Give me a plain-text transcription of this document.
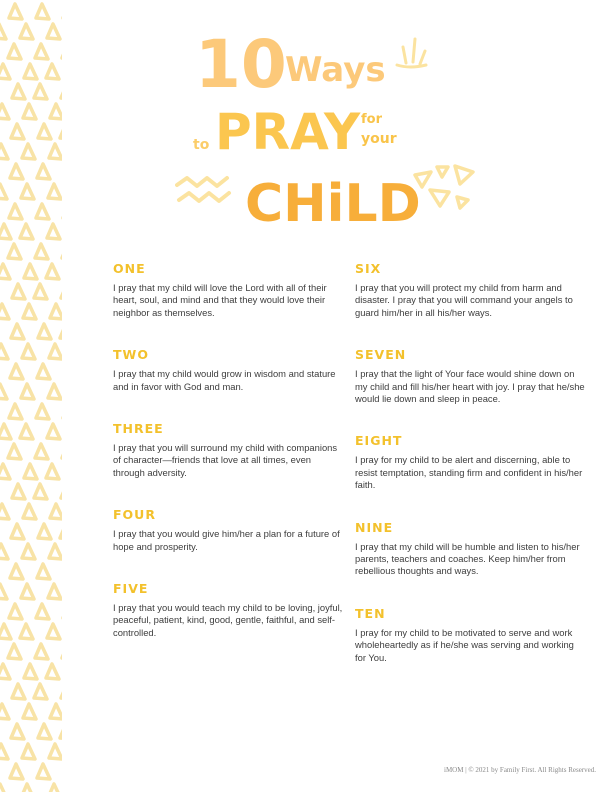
10
Ways
to PRAY for
your
CHiLD
ONE

I pray that my child will love the Lord with all of their heart, soul, and mind and that they would love their neighbor as themselves.

TWO

I pray that my child would grow in wisdom and stature and in favor with God and man.

THREE

I pray that you will surround my child with companions of character—friends that love at all times, even through adversity.

FOUR

I pray that you would give him/her a plan for a future of hope and prosperity.

FIVE

I pray that you would teach my child to be loving, joyful, peaceful, patient, kind, good, gentle, faithful, and self-controlled.

SIX

I pray that you will protect my child from harm and disaster. I pray that you will command your angels to guard him/her in all his/her ways.

SEVEN

I pray that the light of Your face would shine down on my child and fill his/her heart with joy. I pray that he/she would lie down and sleep in peace.

EIGHT

I pray for my child to be alert and discerning, able to resist temptation, standing firm and confident in his/her faith.

NINE

I pray that my child will be humble and listen to his/her parents, teachers and coaches. Keep him/her from rebellious thoughts and ways.

TEN

I pray for my child to be motivated to serve and work wholeheartedly as if he/she was serving and working for You.

iMOM | © 2021 by Family First. All Rights Reserved.
